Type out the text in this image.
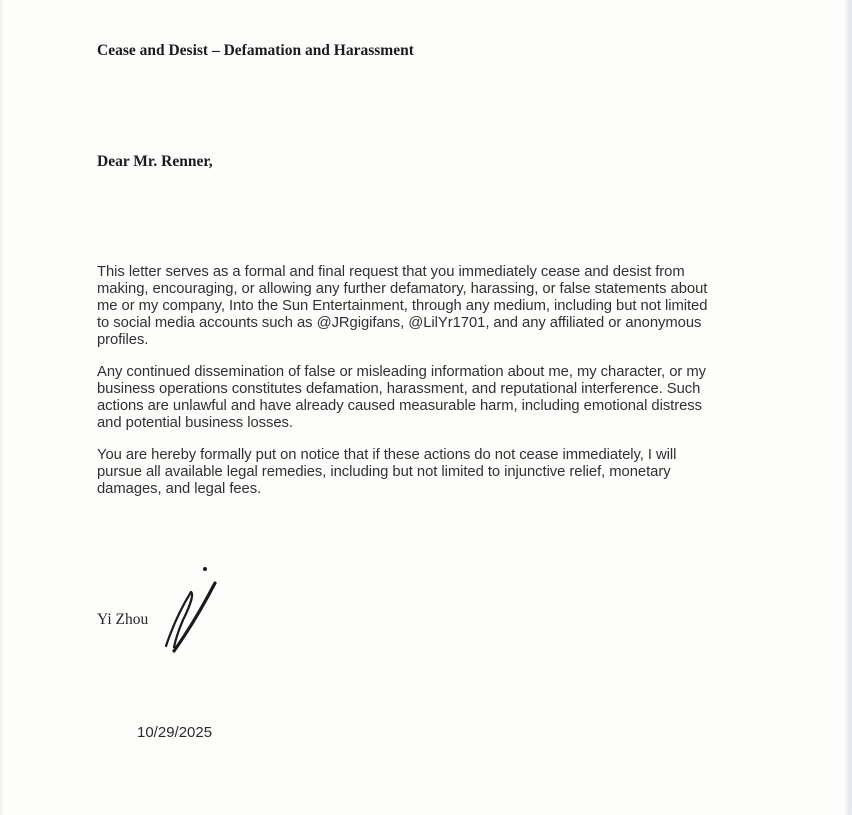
Cease and Desist – Defamation and Harassment
Dear Mr. Renner,

This letter serves as a formal and final request that you immediately cease and desist from
making, encouraging, or allowing any further defamatory, harassing, or false statements about
me or my company, Into the Sun Entertainment, through any medium, including but not limited
to social media accounts such as @JRgigifans, @LilYr1701, and any affiliated or anonymous
profiles.

Any continued dissemination of false or misleading information about me, my character, or my
business operations constitutes defamation, harassment, and reputational interference. Such
actions are unlawful and have already caused measurable harm, including emotional distress
and potential business losses.

You are hereby formally put on notice that if these actions do not cease immediately, I will
pursue all available legal remedies, including but not limited to injunctive relief, monetary
damages, and legal fees.

Yi Zhou
10/29/2025
